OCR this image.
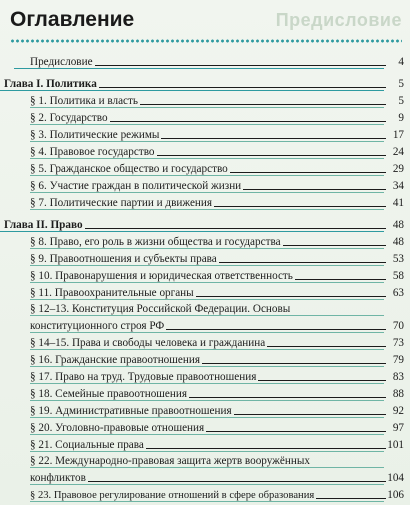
Предисловие
Оглавление
Предисловие	4
Глава I. Политика	5
§ 1. Политика и власть	5
§ 2. Государство	9
§ 3. Политические режимы	17
§ 4. Правовое государство	24
§ 5. Гражданское общество и государство	29
§ 6. Участие граждан в политической жизни	34
§ 7. Политические партии и движения	41
Глава II. Право	48
§ 8. Право, его роль в жизни общества и государства	48
§ 9. Правоотношения и субъекты права	53
§ 10. Правонарушения и юридическая ответственность	58
§ 11. Правоохранительные органы	63
§ 12–13. Конституция Российской Федерации. Основы
конституционного строя РФ	70
§ 14–15. Права и свободы человека и гражданина	73
§ 16. Гражданские правоотношения	79
§ 17. Право на труд. Трудовые правоотношения	83
§ 18. Семейные правоотношения	88
§ 19. Административные правоотношения	92
§ 20. Уголовно-правовые отношения	97
§ 21. Социальные права	101
§ 22. Международно-правовая защита жертв вооружённых
конфликтов	104
§ 23. Правовое регулирование отношений в сфере образования	106
